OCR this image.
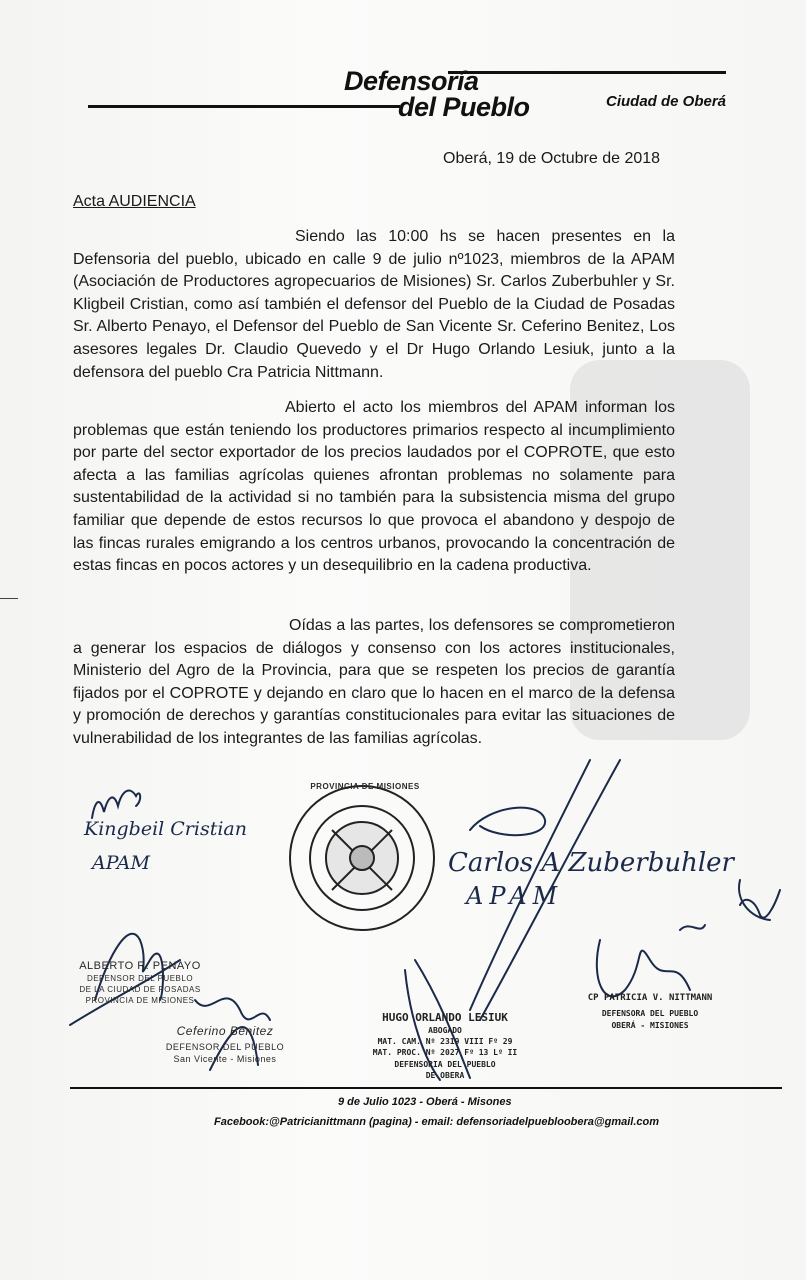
Defensoría
del Pueblo	Ciudad de Oberá
Oberá, 19 de Octubre de 2018
Acta AUDIENCIA

Siendo las 10:00 hs se hacen presentes en la Defensoria del pueblo, ubicado en calle 9 de julio nº1023, miembros de la APAM (Asociación de Productores agropecuarios de Misiones) Sr. Carlos Zuberbuhler y Sr. Kligbeil Cristian, como así también el defensor del Pueblo de la Ciudad de Posadas Sr. Alberto Penayo, el Defensor del Pueblo de San Vicente Sr. Ceferino Benitez, Los asesores legales Dr. Claudio Quevedo y el Dr Hugo Orlando Lesiuk, junto a la defensora del pueblo Cra Patricia Nittmann.

Abierto el acto los miembros del APAM informan los problemas que están teniendo los productores primarios respecto al incumplimiento por parte del sector exportador de los precios laudados por el COPROTE, que esto afecta a las familias agrícolas quienes afrontan problemas no solamente para sustentabilidad de la actividad si no también para la subsistencia misma del grupo familiar que depende de estos recursos lo que provoca el abandono y despojo de las fincas rurales emigrando a los centros urbanos, provocando la concentración de estas fincas en pocos actores y un desequilibrio en la cadena productiva.

Oídas a las partes, los defensores se comprometieron a generar los espacios de diálogos y consenso con los actores institucionales, Ministerio del Agro de la Provincia, para que se respeten los precios de garantía fijados por el COPROTE y dejando en claro que lo hacen en el marco de la defensa y promoción de derechos y garantías constitucionales para evitar las situaciones de vulnerabilidad de los integrantes de las familias agrícolas.

Kingbeil Cristian
APAM	Carlos A Zuberbuhler
APAM
PROVINCIA DE MISIONES
ALBERTO R. PENAYO
DEFENSOR DEL PUEBLO
DE LA CIUDAD DE POSADAS
PROVINCIA DE MISIONES
Ceferino Benitez
DEFENSOR DEL PUEBLO
San Vicente - Misiones
HUGO ORLANDO LESIUK
ABOGADO
MAT. CAM. Nº 2319 VIII Fº 29
MAT. PROC. Nº 2027 Fº 13 Lº II
DEFENSORIA DEL PUEBLO
DE OBERA
CP PATRICIA V. NITTMANN
DEFENSORA DEL PUEBLO
OBERÁ - MISIONES
9 de Julio 1023 - Oberá - Misones
Facebook:@Patricianittmann (pagina) - email: defensoriadelpuebloobera@gmail.com
